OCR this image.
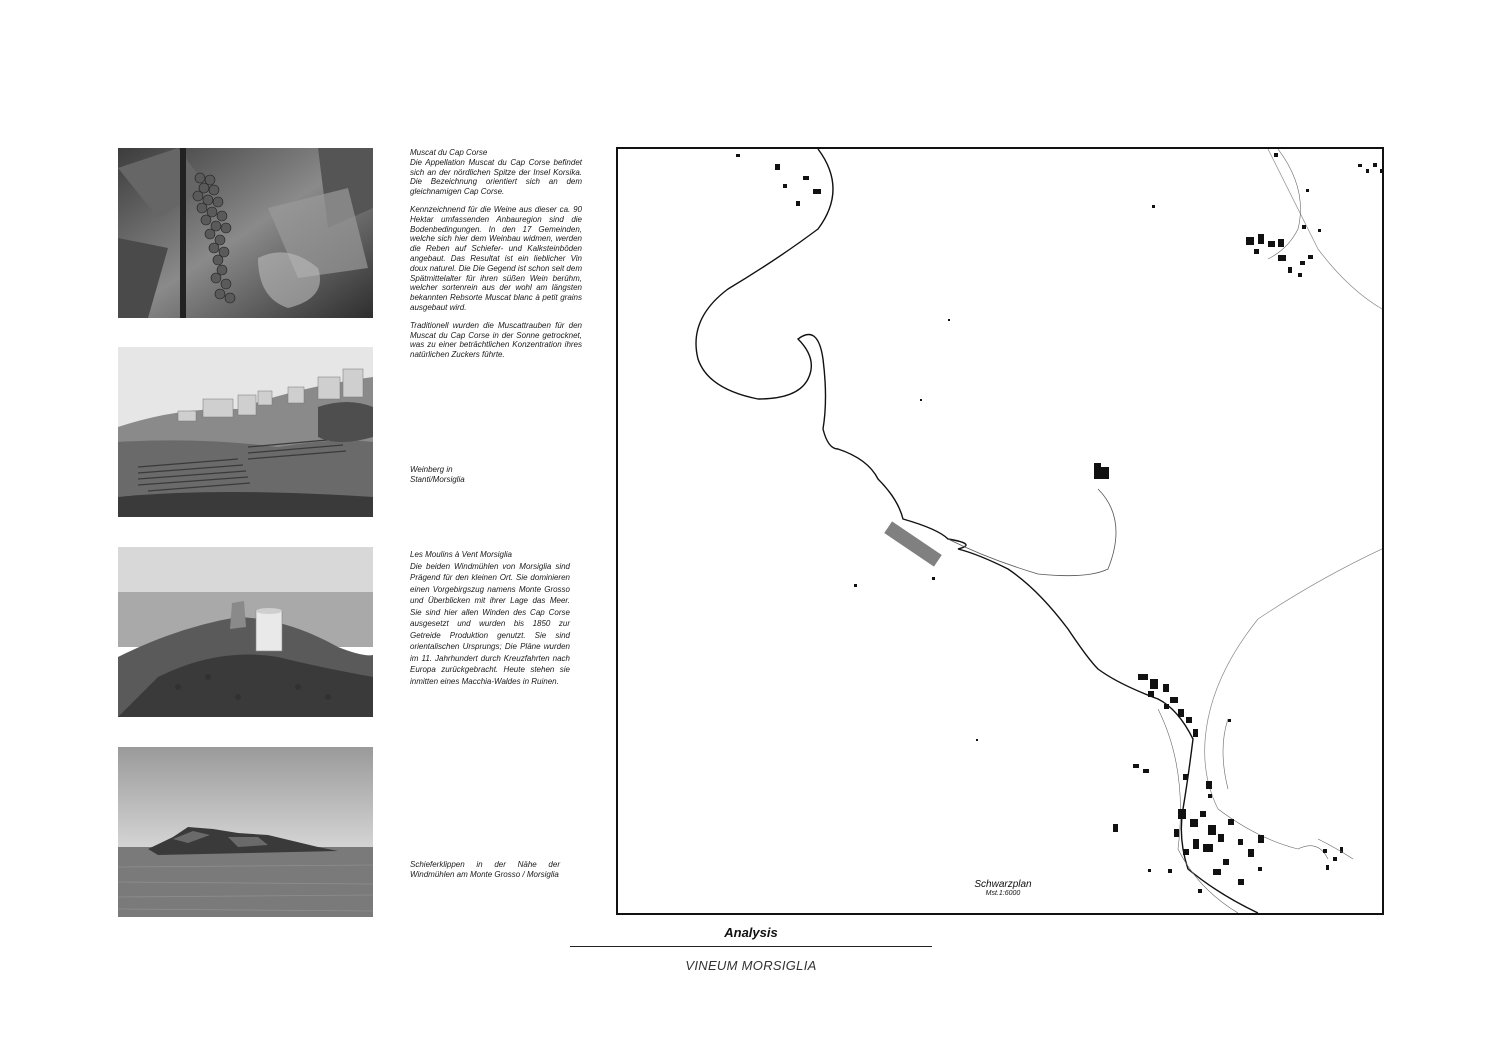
Muscat du Cap Corse
Die Appellation Muscat du Cap Corse befindet sich an der nördlichen Spitze der Insel Korsika. Die Bezeichnung orientiert sich an dem gleichnamigen Cap Corse.

Kennzeichnend für die Weine aus dieser ca. 90 Hektar umfassenden Anbauregion sind die Bodenbedingungen. In den 17 Gemeinden, welche sich hier dem Weinbau widmen, werden die Reben auf Schiefer- und Kalksteinböden angebaut. Das Resultat ist ein lieblicher Vin doux naturel. Die Die Gegend ist schon seit dem Spätmittelalter für ihren süßen Wein berühm, welcher sortenrein aus der wohl am längsten bekannten Rebsorte Muscat blanc à petit grains ausgebaut wird.

Traditionell wurden die Muscattrauben für den Muscat du Cap Corse in der Sonne getrocknet, was zu einer beträchtlichen Konzentration ihres natürlichen Zuckers führte.

Weinberg in
Stanti/Morsiglia
Les Moulins à Vent Morsiglia
Die beiden Windmühlen von Morsiglia sind Prägend für den kleinen Ort. Sie dominieren einen Vorgebirgszug namens Monte Grosso und Überblicken mit ihrer Lage das Meer. Sie sind hier allen Winden des Cap Corse ausgesetzt und wurden bis 1850 zur Getreide Produktion genutzt. Sie sind orientalischen Ursprungs; Die Pläne wurden im 11. Jahrhundert durch Kreuzfahrten nach Europa zurückgebracht. Heute stehen sie inmitten eines Macchia-Waldes in Ruinen.
Schieferklippen in der Nähe der Windmühlen am Monte Grosso / Morsiglia
Schwarzplan
Mst.1:6000
Analysis
VINEUM MORSIGLIA
